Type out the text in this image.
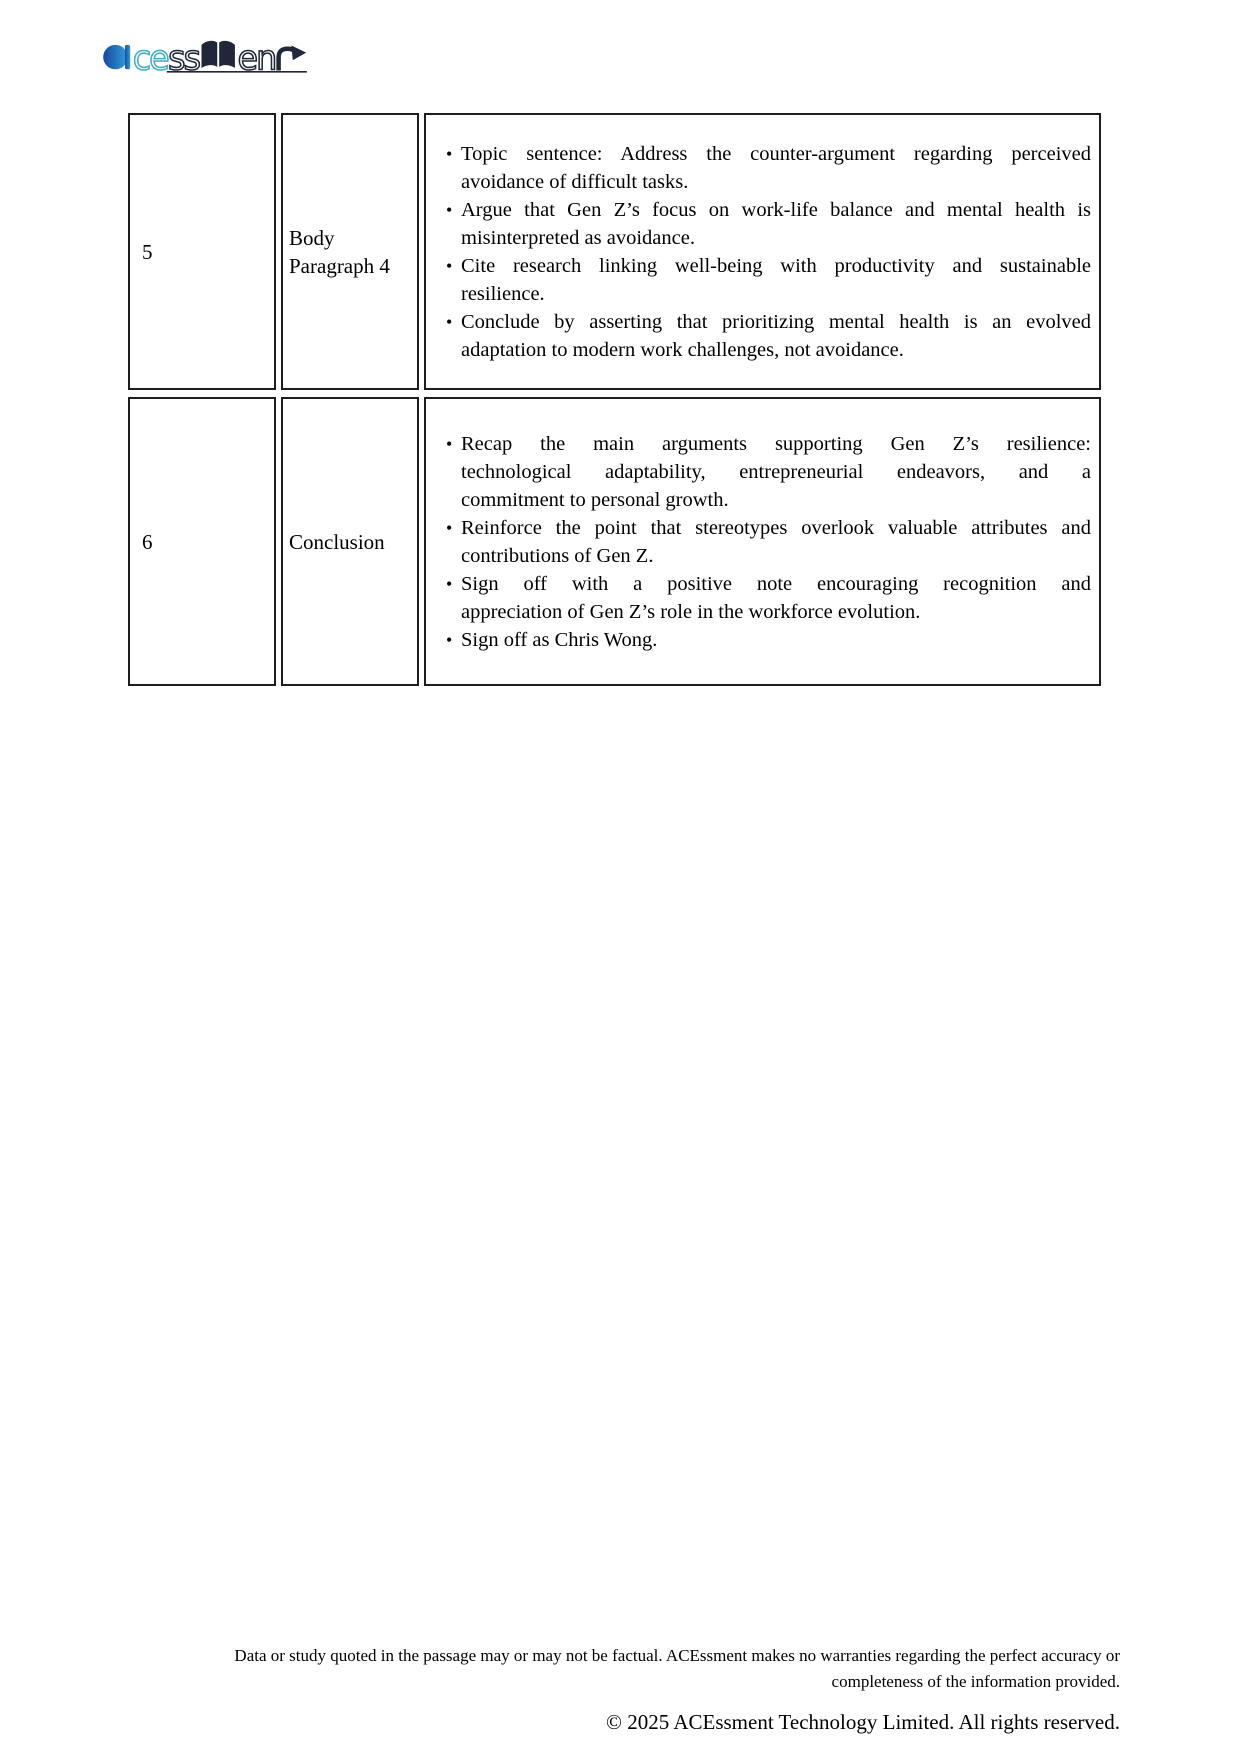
ce ss en
5
Body Paragraph 4
• Topic sentence: Address the counter-argument regarding perceived
avoidance of difficult tasks.
• Argue that Gen Z’s focus on work-life balance and mental health is
misinterpreted as avoidance.
• Cite research linking well-being with productivity and sustainable
resilience.
• Conclude by asserting that prioritizing mental health is an evolved
adaptation to modern work challenges, not avoidance.
6	Conclusion
• Recap the main arguments supporting Gen Z’s resilience:
technological adaptability, entrepreneurial endeavors, and a
commitment to personal growth.
• Reinforce the point that stereotypes overlook valuable attributes and
contributions of Gen Z.
• Sign off with a positive note encouraging recognition and
appreciation of Gen Z’s role in the workforce evolution.
• Sign off as Chris Wong.
Data or study quoted in the passage may or may not be factual. ACEssment makes no warranties regarding the perfect accuracy or
completeness of the information provided.
© 2025 ACEssment Technology Limited. All rights reserved.
